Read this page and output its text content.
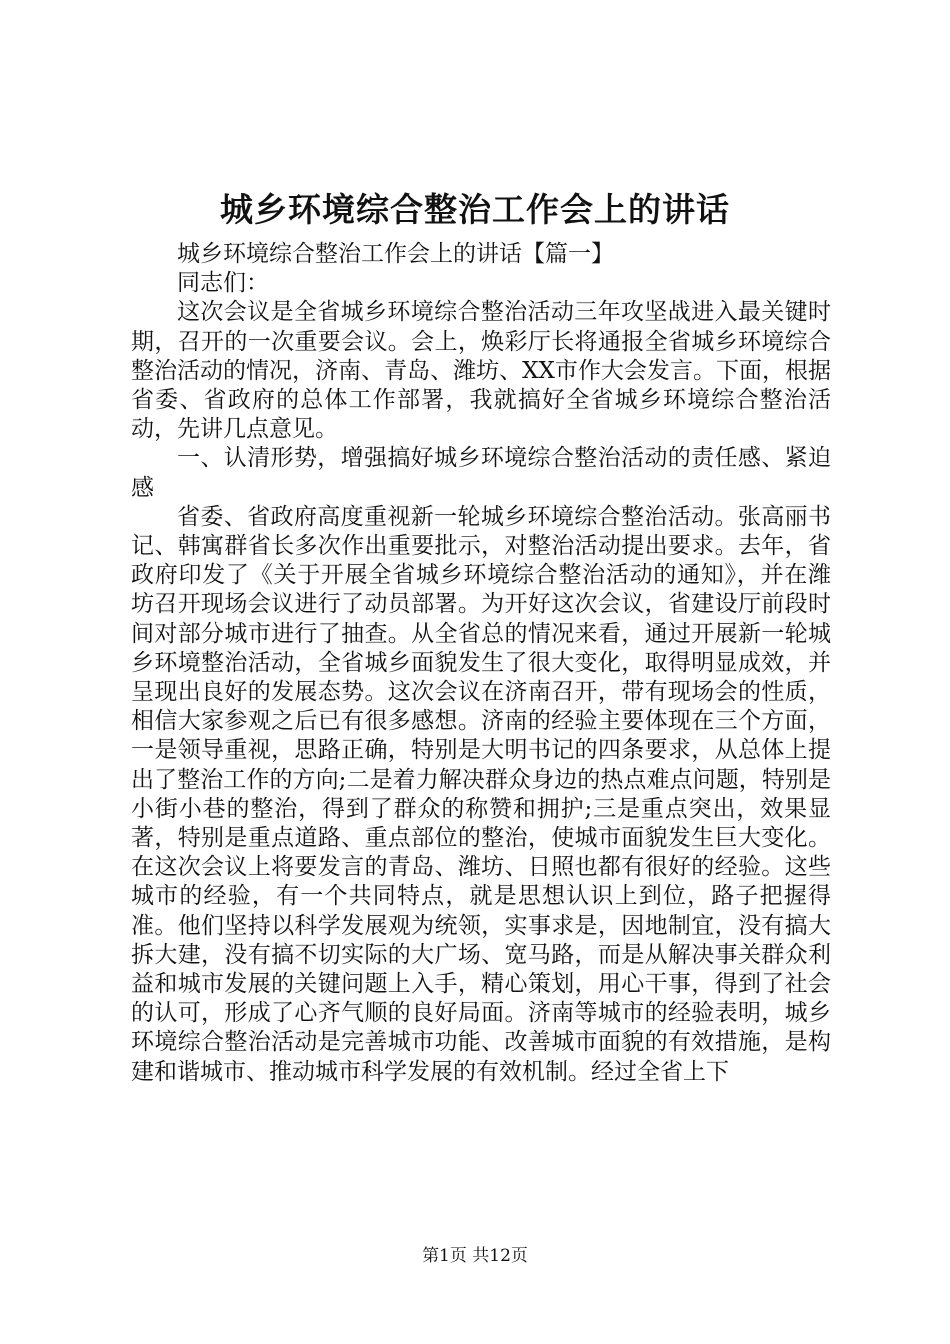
城乡环境综合整治工作会上的讲话

城乡环境综合整治工作会上的讲话【篇一】

同志们：

这次会议是全省城乡环境综合整治活动三年攻坚战进入最关键时期，召开的一次重要会议。会上，焕彩厅长将通报全省城乡环境综合整治活动的情况，济南、青岛、潍坊、XX市作大会发言。下面，根据省委、省政府的总体工作部署，我就搞好全省城乡环境综合整治活动，先讲几点意见。

一、认清形势，增强搞好城乡环境综合整治活动的责任感、紧迫感

省委、省政府高度重视新一轮城乡环境综合整治活动。张高丽书记、韩寓群省长多次作出重要批示，对整治活动提出要求。去年，省政府印发了《关于开展全省城乡环境综合整治活动的通知》，并在潍坊召开现场会议进行了动员部署。为开好这次会议，省建设厅前段时间对部分城市进行了抽查。从全省总的情况来看，通过开展新一轮城乡环境整治活动，全省城乡面貌发生了很大变化，取得明显成效，并呈现出良好的发展态势。这次会议在济南召开，带有现场会的性质，相信大家参观之后已有很多感想。济南的经验主要体现在三个方面，一是领导重视，思路正确，特别是大明书记的四条要求，从总体上提出了整治工作的方向;二是着力解决群众身边的热点难点问题，特别是小街小巷的整治，得到了群众的称赞和拥护;三是重点突出，效果显著，特别是重点道路、重点部位的整治，使城市面貌发生巨大变化。在这次会议上将要发言的青岛、潍坊、日照也都有很好的经验。这些城市的经验，有一个共同特点，就是思想认识上到位，路子把握得准。他们坚持以科学发展观为统领，实事求是，因地制宜，没有搞大拆大建，没有搞不切实际的大广场、宽马路，而是从解决事关群众利益和城市发展的关键问题上入手，精心策划，用心干事，得到了社会的认可，形成了心齐气顺的良好局面。济南等城市的经验表明，城乡环境综合整治活动是完善城市功能、改善城市面貌的有效措施，是构建和谐城市、推动城市科学发展的有效机制。经过全省上下

第1页 共12页
